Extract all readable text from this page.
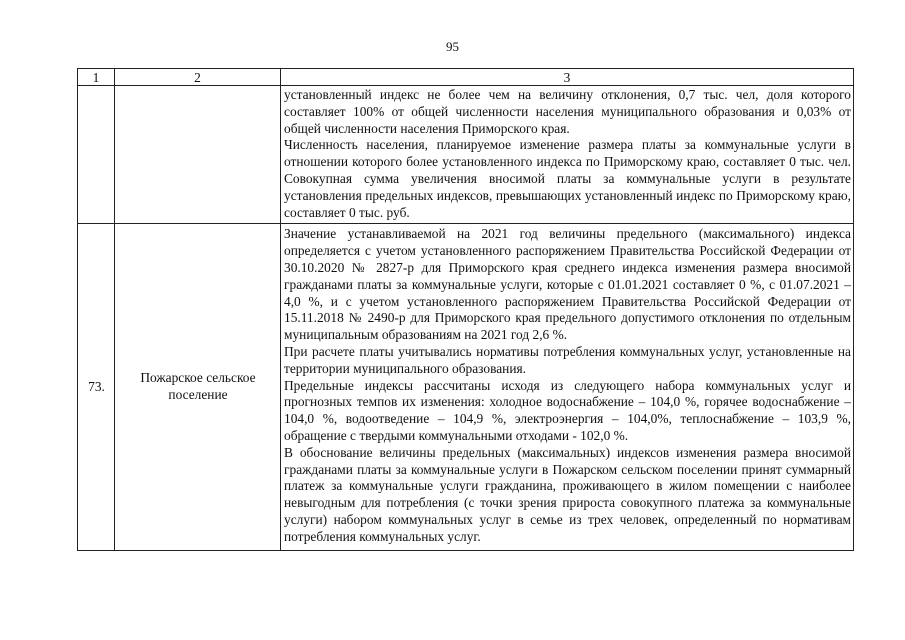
95
1	2	3

		установленный индекс не более чем на величину отклонения, 0,7 тыс. чел, доля которого составляет 100% от общей численности населения муниципального образования и 0,03% от общей численности населения Приморского края.

Численность населения, планируемое изменение размера платы за коммунальные услуги в отношении которого более установленного индекса по Приморскому краю, составляет 0 тыс. чел. Совокупная сумма увеличения вносимой платы за коммунальные услуги в результате установления предельных индексов, превышающих установленный индекс по Приморскому краю, составляет 0 тыс. руб.

73.	Пожарское сельское поселение	Значение устанавливаемой на 2021 год величины предельного (максимального) индекса определяется с учетом установленного распоряжением Правительства Российской Федерации от 30.10.2020 № 2827-р для Приморского края среднего индекса изменения размера вносимой гражданами платы за коммунальные услуги, которые с 01.01.2021 составляет 0 %, с 01.07.2021 – 4,0 %, и с учетом установленного распоряжением Правительства Российской Федерации от 15.11.2018 № 2490-р для Приморского края предельного допустимого отклонения по отдельным муниципальным образованиям на 2021 год 2,6 %.

При расчете платы учитывались нормативы потребления коммунальных услуг, установленные на территории муниципального образования.

Предельные индексы рассчитаны исходя из следующего набора коммунальных услуг и прогнозных темпов их изменения: холодное водоснабжение – 104,0 %, горячее водоснабжение – 104,0 %, водоотведение – 104,9 %, электроэнергия – 104,0%, теплоснабжение – 103,9 %, обращение с твердыми коммунальными отходами - 102,0 %.

В обоснование величины предельных (максимальных) индексов изменения размера вносимой гражданами платы за коммунальные услуги в Пожарском сельском поселении принят суммарный платеж за коммунальные услуги гражданина, проживающего в жилом помещении с наиболее невыгодным для потребления (с точки зрения прироста совокупного платежа за коммунальные услуги) набором коммунальных услуг в семье из трех человек, определенный по нормативам потребления коммунальных услуг.
